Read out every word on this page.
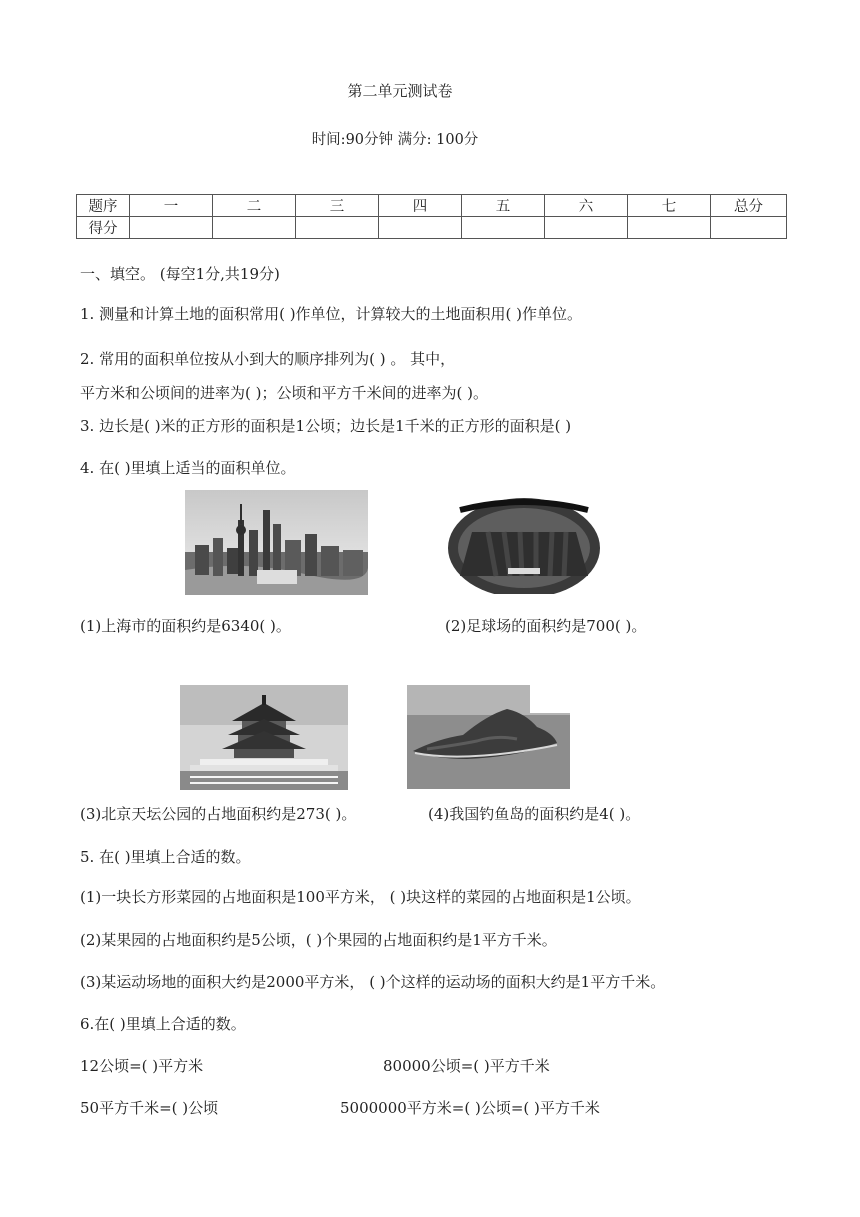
第二单元测试卷
时间:90分钟 满分: 100分
题序	一	二	三	四	五	六	七	总分
得分								
一、填空。 (每空1分,共19分)
1. 测量和计算土地的面积常用( )作单位，计算较大的土地面积用( )作单位。
2. 常用的面积单位按从小到大的顺序排列为( ) 。 其中，
平方米和公顷间的进率为( )；公顷和平方千米间的进率为( )。
3. 边长是( )米的正方形的面积是1公顷；边长是1千米的正方形的面积是( )
4. 在( )里填上适当的面积单位。
(1)上海市的面积约是6340( )。	(2)足球场的面积约是700( )。
(3)北京天坛公园的占地面积约是273( )。	(4)我国钓鱼岛的面积约是4( )。
5. 在( )里填上合适的数。
(1)一块长方形菜园的占地面积是100平方米， ( )块这样的菜园的占地面积是1公顷。
(2)某果园的占地面积约是5公顷，( )个果园的占地面积约是1平方千米。
(3)某运动场地的面积大约是2000平方米， ( )个这样的运动场的面积大约是1平方千米。
6.在( )里填上合适的数。
12公顷=( )平方米	80000公顷=( )平方千米
50平方千米=( )公顷	5000000平方米=( )公顷=( )平方千米
